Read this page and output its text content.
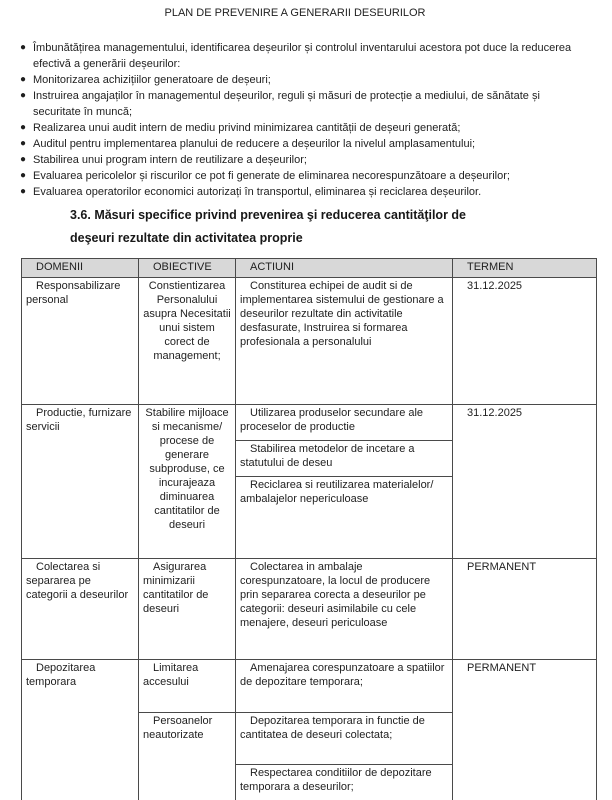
PLAN DE PREVENIRE A GENERARII DESEURILOR
● Îmbunătățirea managementului, identificarea deșeurilor și controlul inventarului acestora pot duce la reducerea efectivă a generării deșeurilor:
● Monitorizarea achizițiilor generatoare de deșeuri;
● Instruirea angajaților în managementul deșeurilor, reguli și măsuri de protecție a mediului, de sănătate și securitate în muncă;
● Realizarea unui audit intern de mediu privind minimizarea cantității de deșeuri generată;
● Auditul pentru implementarea planului de reducere a deșeurilor la nivelul amplasamentului;
● Stabilirea unui program intern de reutilizare a deșeurilor;
● Evaluarea pericolelor și riscurilor ce pot fi generate de eliminarea necorespunzătoare a deșeurilor;
● Evaluarea operatorilor economici autorizați în transportul, eliminarea și reciclarea deșeurilor.
3.6. Măsuri specifice privind prevenirea şi reducerea cantităţilor de
deşeuri rezultate din activitatea proprie
DOMENII	OBIECTIVE	ACTIUNI	TERMEN
Responsabilizare personal	Constientizarea Personalului asupra Necesitatii unui sistem corect de management;	Constiturea echipei de audit si de implementarea sistemului de gestionare a deseurilor rezultate din activitatile desfasurate, Instruirea si formarea profesionala a personalului	31.12.2025
Productie, furnizare servicii	Stabilire mijloace si mecanisme/ procese de generare subproduse, ce incurajeaza diminuarea cantitatilor de deseuri	Utilizarea produselor secundare ale proceselor de productie	31.12.2025
		Stabilirea metodelor de incetare a statutului de deseu	
		Reciclarea si reutilizarea materialelor/ ambalajelor nepericuloase	
Colectarea si separarea pe categorii a deseurilor	Asigurarea minimizarii cantitatilor de deseuri	Colectarea in ambalaje corespunzatoare, la locul de producere prin separarea corecta a deseurilor pe categorii: deseuri asimilabile cu cele menajere, deseuri periculoase	PERMANENT
Depozitarea temporara	Limitarea accesului	Amenajarea corespunzatoare a spatiilor de depozitare temporara;	PERMANENT
	Persoanelor neautorizate	Depozitarea temporara in functie de cantitatea de deseuri colectata;	
		Respectarea conditiilor de depozitare temporara a deseurilor;	
